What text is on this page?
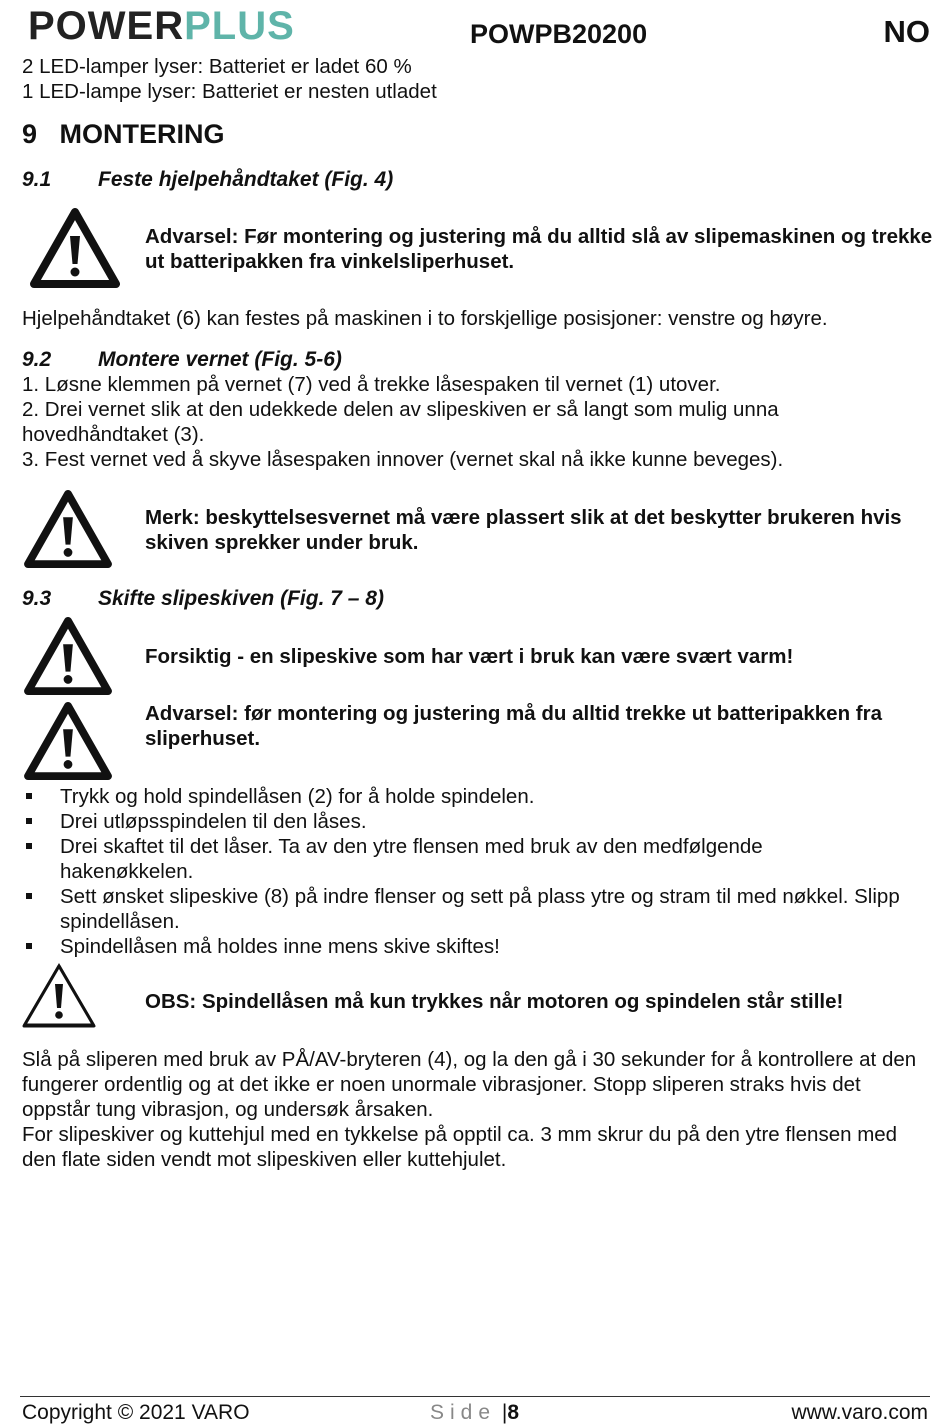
POWERPLUS	POWPB20200	NO
2 LED-lamper lyser: Batteriet er ladet 60 %
1 LED-lampe lyser: Batteriet er nesten utladet
9   MONTERING
9.1 Feste hjelpehåndtaket (Fig. 4)
Advarsel: Før montering og justering må du alltid slå av slipemaskinen og trekke ut batteripakken fra vinkelsliperhuset.
Hjelpehåndtaket (6) kan festes på maskinen i to forskjellige posisjoner: venstre og høyre.
9.2 Montere vernet (Fig. 5-6)
1. Løsne klemmen på vernet (7) ved å trekke låsespaken til vernet (1) utover.
2. Drei vernet slik at den udekkede delen av slipeskiven er så langt som mulig unna hovedhåndtaket (3).
3. Fest vernet ved å skyve låsespaken innover (vernet skal nå ikke kunne beveges).
Merk: beskyttelsesvernet må være plassert slik at det beskytter brukeren hvis skiven sprekker under bruk.
9.3 Skifte slipeskiven (Fig. 7 – 8)
Forsiktig - en slipeskive som har vært i bruk kan være svært varm!
Advarsel: før montering og justering må du alltid trekke ut batteripakken fra sliperhuset.
Trykk og hold spindellåsen (2) for å holde spindelen.
Drei utløpsspindelen til den låses.
Drei skaftet til det låser. Ta av den ytre flensen med bruk av den medfølgende hakenøkkelen.
Sett ønsket slipeskive (8) på indre flenser og sett på plass ytre og stram til med nøkkel. Slipp spindellåsen.
Spindellåsen må holdes inne mens skive skiftes!
OBS: Spindellåsen må kun trykkes når motoren og spindelen står stille!
Slå på sliperen med bruk av PÅ/AV-bryteren (4), og la den gå i 30 sekunder for å kontrollere at den fungerer ordentlig og at det ikke er noen unormale vibrasjoner. Stopp sliperen straks hvis det oppstår tung vibrasjon, og undersøk årsaken.
For slipeskiver og kuttehjul med en tykkelse på opptil ca. 3 mm skrur du på den ytre flensen med den flate siden vendt mot slipeskiven eller kuttehjulet.
Copyright © 2021 VARO	Side |8	www.varo.com
